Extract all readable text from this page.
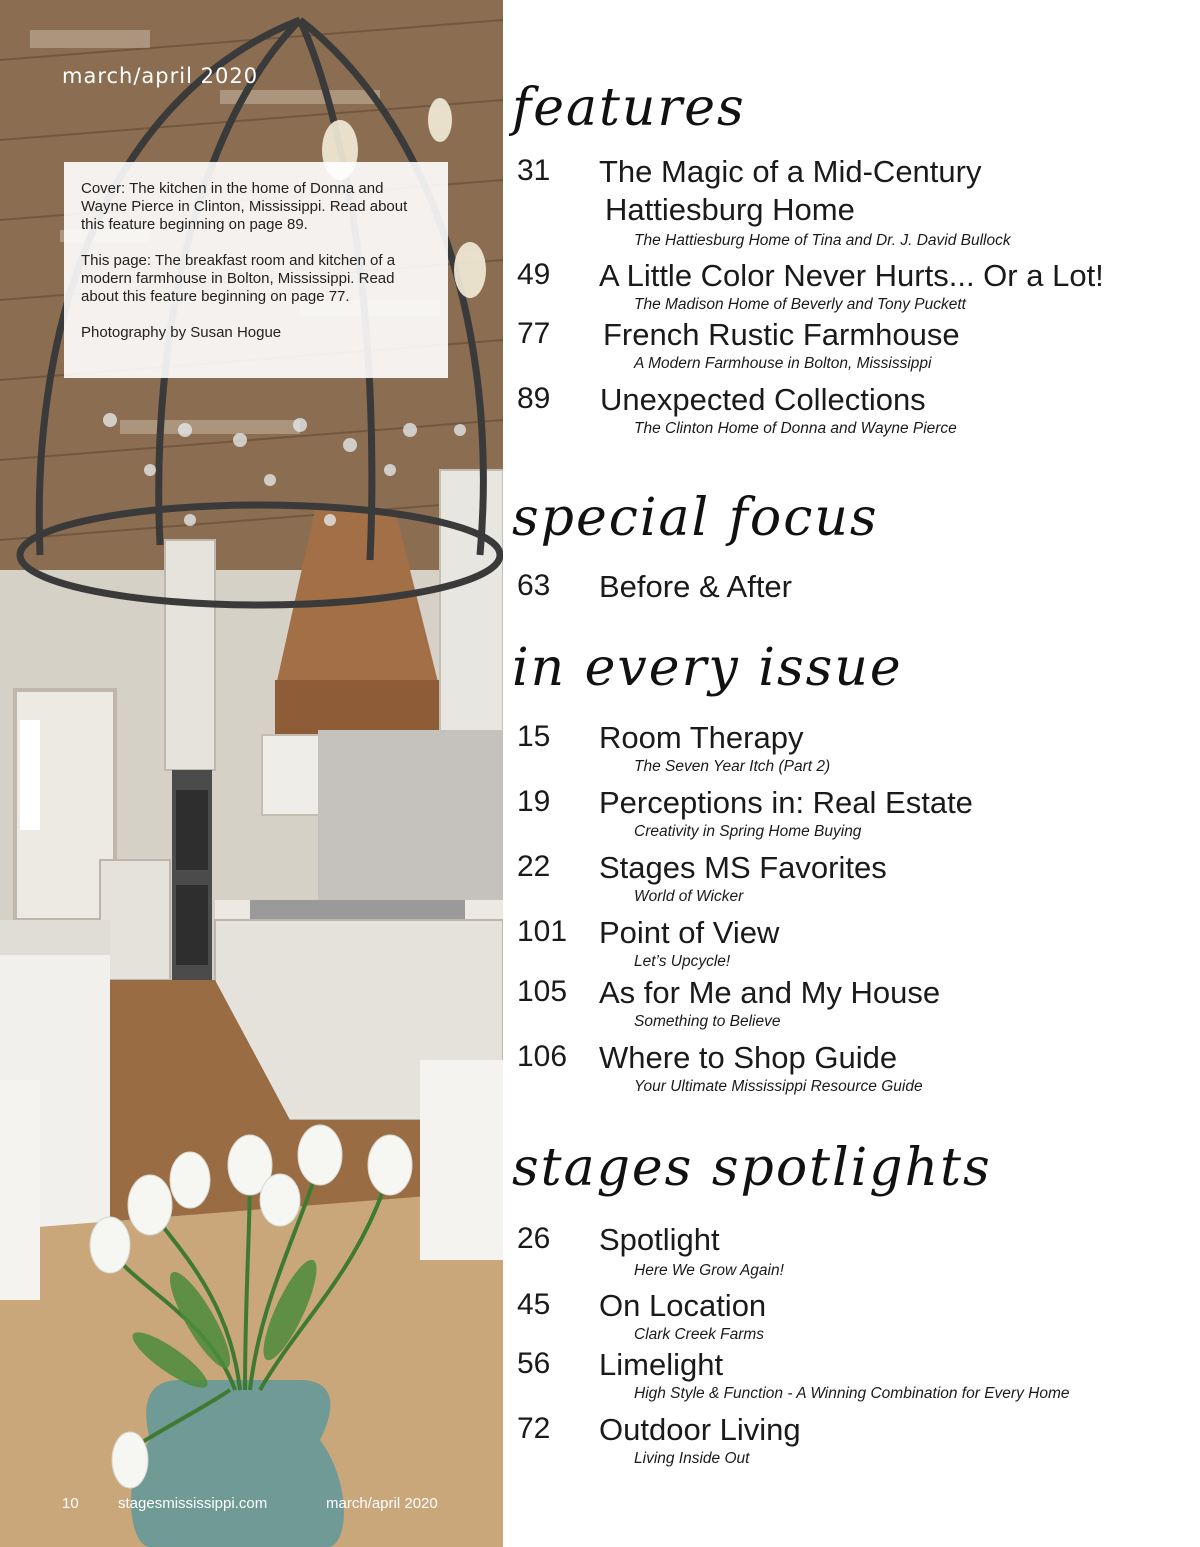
march/april 2020

Cover: The kitchen in the home of Donna and Wayne Pierce in Clinton, Mississippi. Read about this feature beginning on page 89.

This page: The breakfast room and kitchen of a modern farmhouse in Bolton, Mississippi. Read about this feature beginning on page 77.

Photography by Susan Hogue

10	stagesmississippi.com	march/april 2020
features
31 The Magic of a Mid-Century
Hattiesburg Home
The Hattiesburg Home of Tina and Dr. J. David Bullock
49 A Little Color Never Hurts... Or a Lot!
The Madison Home of Beverly and Tony Puckett
77 French Rustic Farmhouse
A Modern Farmhouse in Bolton, Mississippi
89 Unexpected Collections
The Clinton Home of Donna and Wayne Pierce
special focus
63 Before & After
in every issue
15 Room Therapy
The Seven Year Itch (Part 2)
19 Perceptions in: Real Estate
Creativity in Spring Home Buying
22 Stages MS Favorites
World of Wicker
101 Point of View
Let’s Upcycle!
105 As for Me and My House
Something to Believe
106 Where to Shop Guide
Your Ultimate Mississippi Resource Guide
stages spotlights
26 Spotlight
Here We Grow Again!
45 On Location
Clark Creek Farms
56 Limelight
High Style & Function - A Winning Combination for Every Home
72 Outdoor Living
Living Inside Out
